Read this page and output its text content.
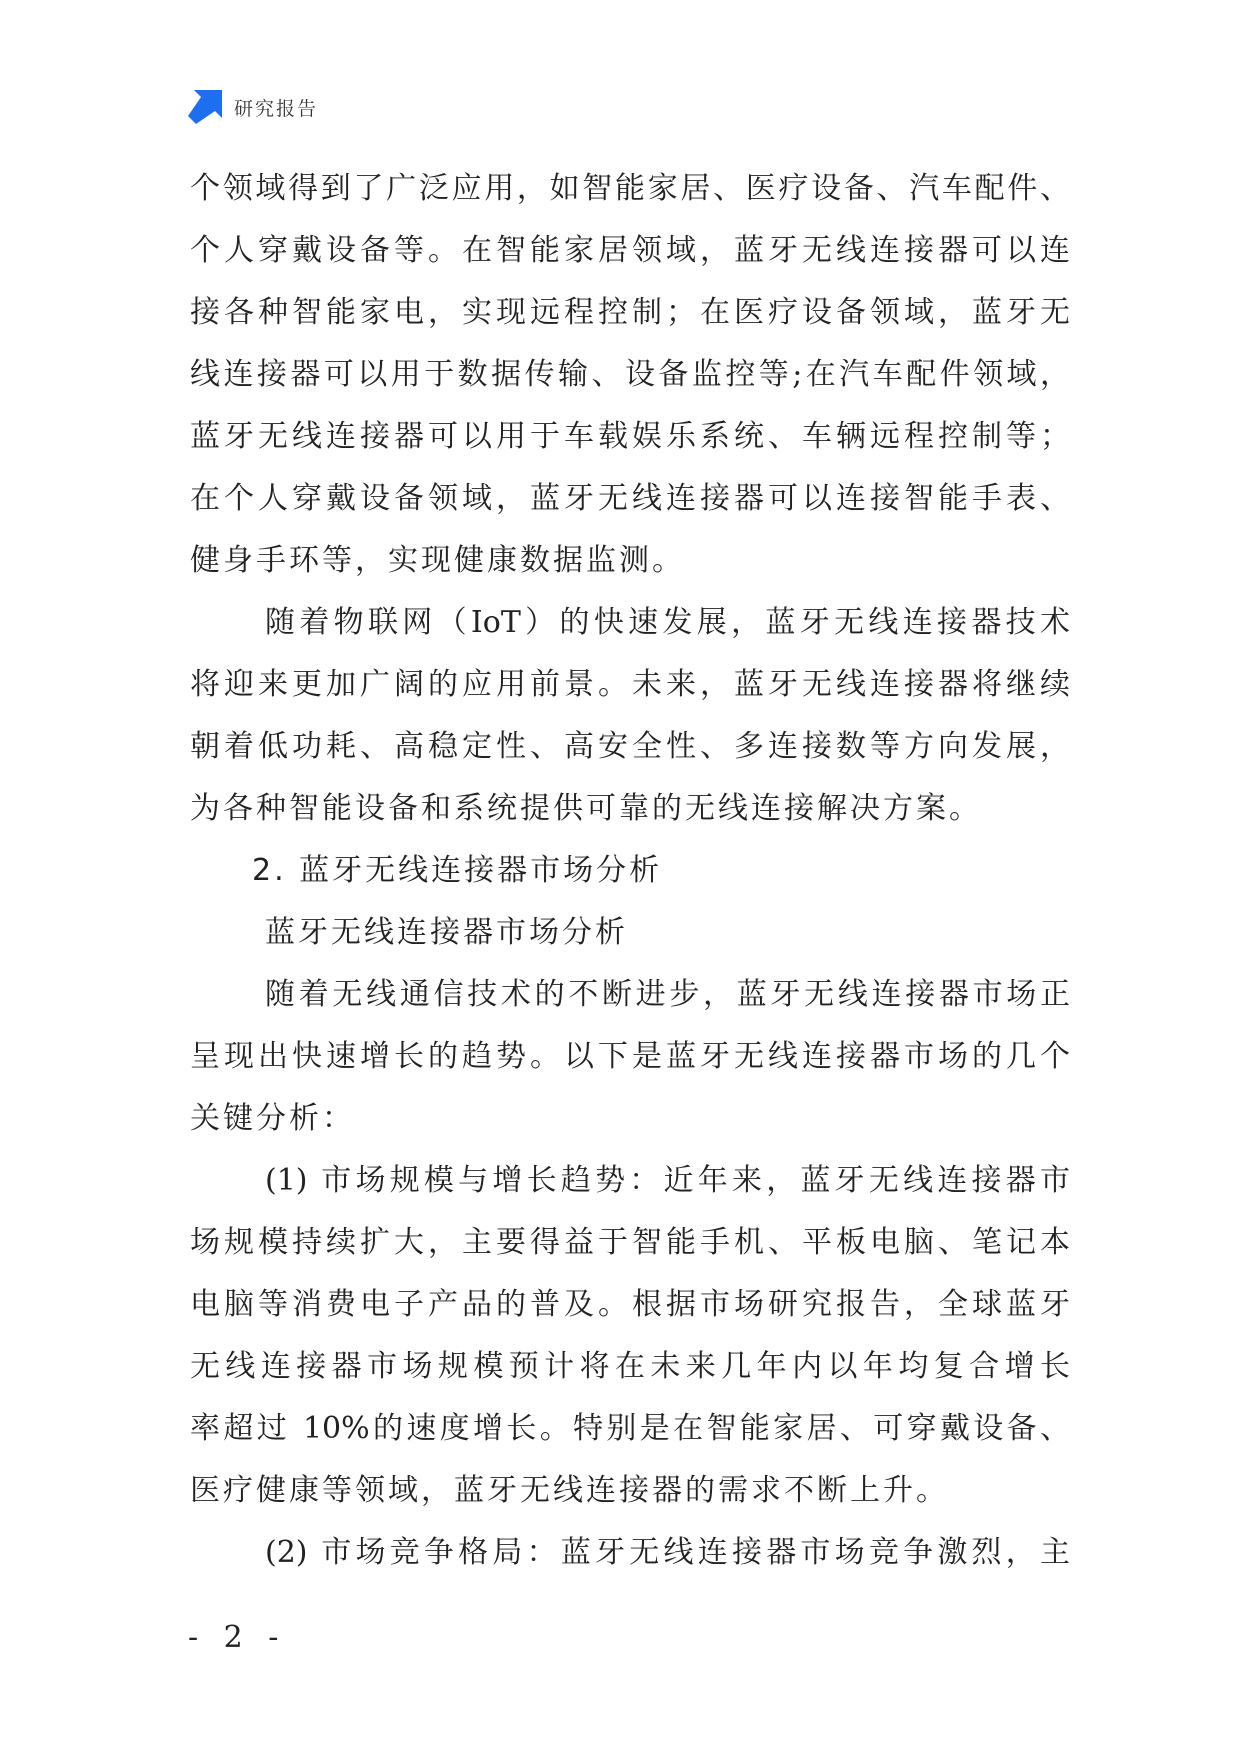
研究报告
个领域得到了广泛应用，如智能家居、医疗设备、汽车配件、
个人穿戴设备等。在智能家居领域，蓝牙无线连接器可以连
接各种智能家电，实现远程控制；在医疗设备领域，蓝牙无
线连接器可以用于数据传输、设备监控等;在汽车配件领域，
蓝牙无线连接器可以用于车载娱乐系统、车辆远程控制等；
在个人穿戴设备领域，蓝牙无线连接器可以连接智能手表、
健身手环等，实现健康数据监测。
随着物联网（IoT）的快速发展，蓝牙无线连接器技术
将迎来更加广阔的应用前景。未来，蓝牙无线连接器将继续
朝着低功耗、高稳定性、高安全性、多连接数等方向发展，
为各种智能设备和系统提供可靠的无线连接解决方案。
2. 蓝牙无线连接器市场分析
蓝牙无线连接器市场分析
随着无线通信技术的不断进步，蓝牙无线连接器市场正
呈现出快速增长的趋势。以下是蓝牙无线连接器市场的几个
关键分析：
(1) 市场规模与增长趋势：近年来，蓝牙无线连接器市
场规模持续扩大，主要得益于智能手机、平板电脑、笔记本
电脑等消费电子产品的普及。根据市场研究报告，全球蓝牙
无线连接器市场规模预计将在未来几年内以年均复合增长
率超过 10%的速度增长。特别是在智能家居、可穿戴设备、
医疗健康等领域，蓝牙无线连接器的需求不断上升。
(2) 市场竞争格局：蓝牙无线连接器市场竞争激烈，主
- 2 -
